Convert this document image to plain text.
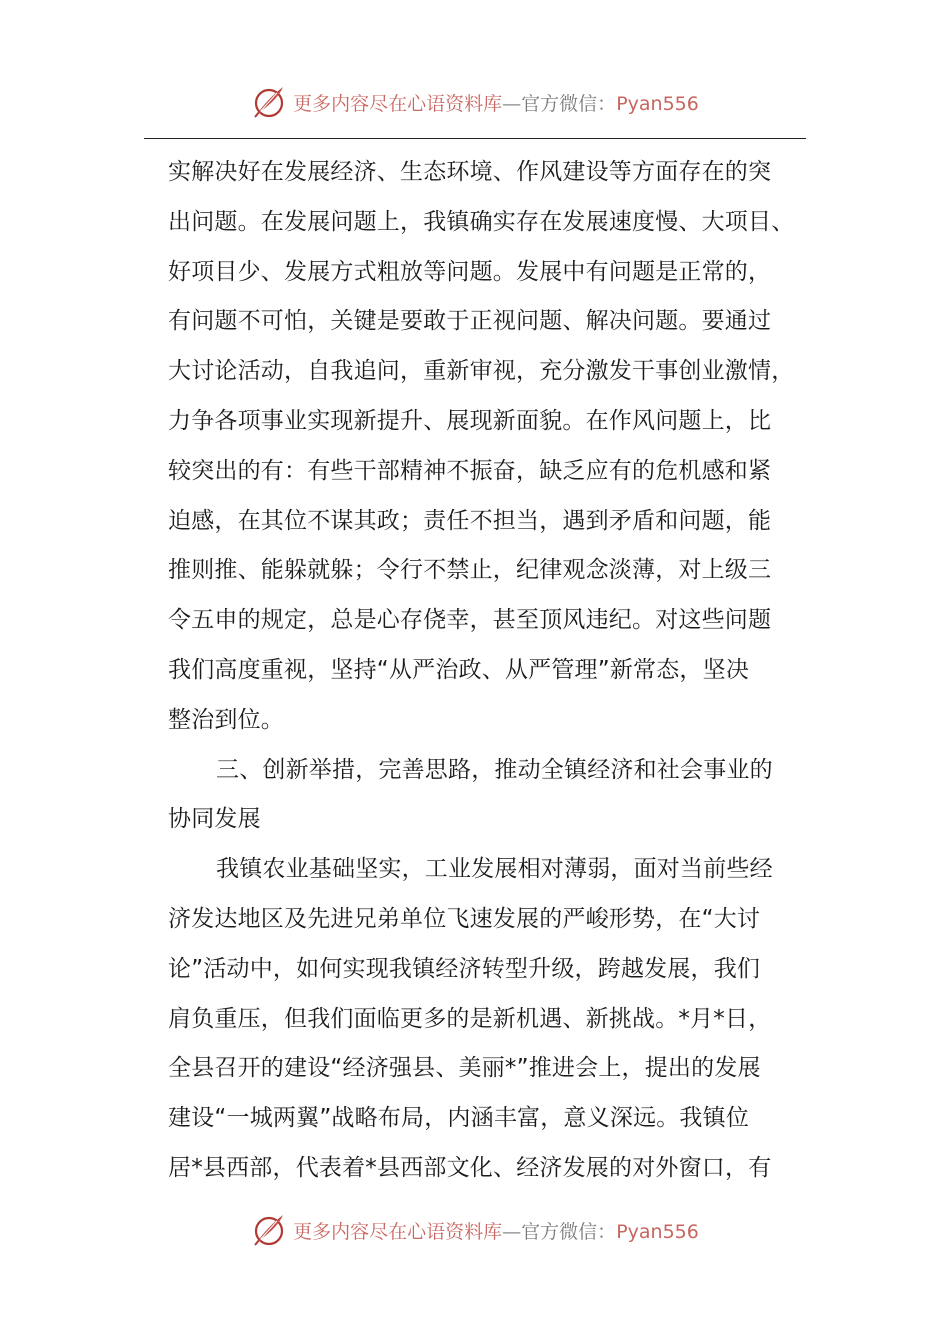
更多内容尽在心语资料库—官方微信：Pyan556
实解决好在发展经济、生态环境、作风建设等方面存在的突
出问题。在发展问题上，我镇确实存在发展速度慢、大项目、
好项目少、发展方式粗放等问题。发展中有问题是正常的，
有问题不可怕，关键是要敢于正视问题、解决问题。要通过
大讨论活动，自我追问，重新审视，充分激发干事创业激情，
力争各项事业实现新提升、展现新面貌。在作风问题上，比
较突出的有：有些干部精神不振奋，缺乏应有的危机感和紧
迫感，在其位不谋其政；责任不担当，遇到矛盾和问题，能
推则推、能躲就躲；令行不禁止，纪律观念淡薄，对上级三
令五申的规定，总是心存侥幸，甚至顶风违纪。对这些问题
我们高度重视，坚持“从严治政、从严管理”新常态，坚决
整治到位。
三、创新举措，完善思路，推动全镇经济和社会事业的
协同发展
我镇农业基础坚实，工业发展相对薄弱，面对当前些经
济发达地区及先进兄弟单位飞速发展的严峻形势，在“大讨
论”活动中，如何实现我镇经济转型升级，跨越发展，我们
肩负重压，但我们面临更多的是新机遇、新挑战。*月*日，
全县召开的建设“经济强县、美丽*”推进会上，提出的发展
建设“一城两翼”战略布局，内涵丰富，意义深远。我镇位
居*县西部，代表着*县西部文化、经济发展的对外窗口，有
更多内容尽在心语资料库—官方微信：Pyan556
